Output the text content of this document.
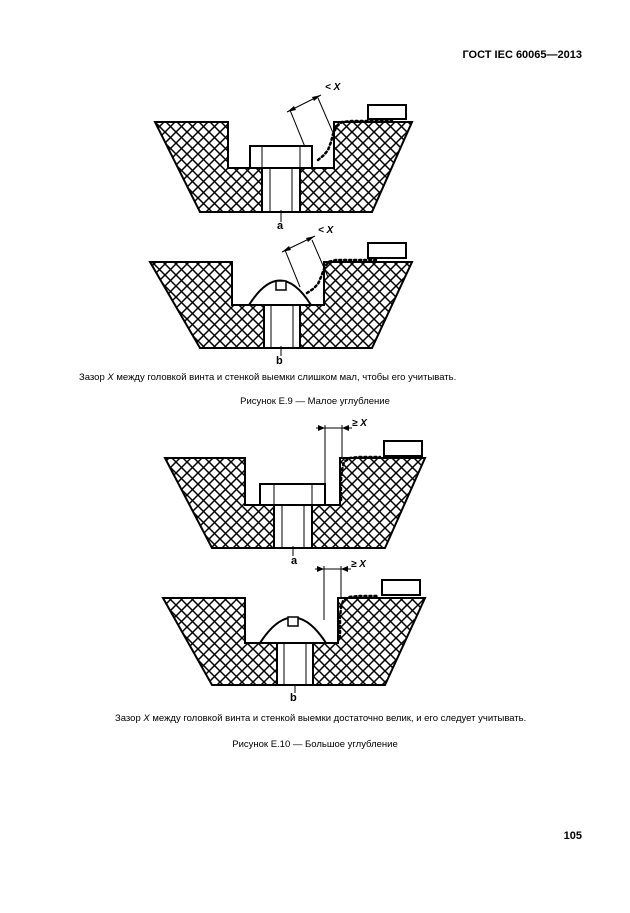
ГОСТ IEC 60065—2013
a
b
a
b
< X
< X
≥ X
≥ X
Зазор X между головкой винта и стенкой выемки слишком мал, чтобы его учитывать.
Рисунок Е.9 — Малое углубление
Зазор X между головкой винта и стенкой выемки достаточно велик, и его следует учитывать.
Рисунок Е.10 — Большое углубление
105
